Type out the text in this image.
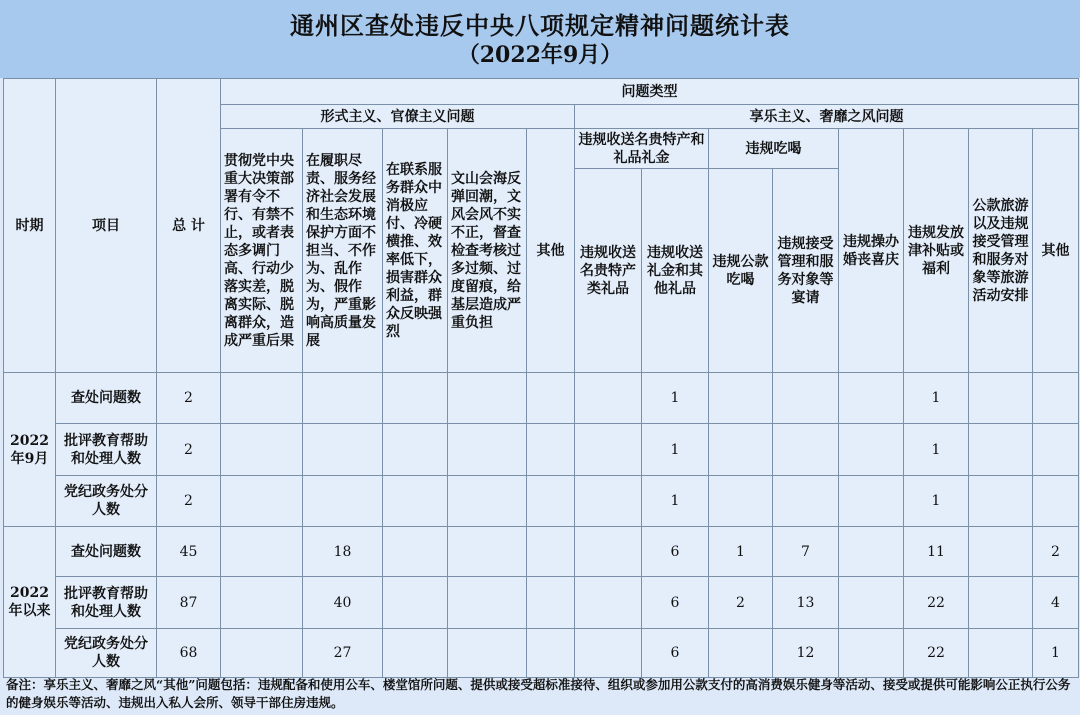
通州区查处违反中央八项规定精神问题统计表
（2022年9月）
时期	项目	总 计	问题类型												
			形式主义、官僚主义问题					享乐主义、奢靡之风问题							
			贯彻党中央重大决策部署有令不行、有禁不止，或者表态多调门高、行动少落实差，脱离实际、脱离群众，造成严重后果	在履职尽责、服务经济社会发展和生态环境保护方面不担当、不作为、乱作为、假作为，严重影响高质量发展	在联系服务群众中消极应付、冷硬横推、效率低下，损害群众利益，群众反映强烈	文山会海反弹回潮，文风会风不实不正，督查检查考核过多过频、过度留痕，给基层造成严重负担	其他	违规收送名贵特产和礼品礼金		违规吃喝		违规操办婚丧喜庆	违规发放津补贴或福利	公款旅游以及违规接受管理和服务对象等旅游活动安排	其他
								违规收送名贵特产类礼品	违规收送礼金和其他礼品	违规公款吃喝	违规接受管理和服务对象等宴请				
2022年9月	查处问题数	2							1				1		
	批评教育帮助和处理人数	2							1				1		
	党纪政务处分人数	2							1				1		
2022年以来	查处问题数	45		18					6	1	7		11		2
	批评教育帮助和处理人数	87		40					6	2	13		22		4
	党纪政务处分人数	68		27					6		12		22		1
备注：享乐主义、奢靡之风“其他”问题包括：违规配备和使用公车、楼堂馆所问题、提供或接受超标准接待、组织或参加用公款支付的高消费娱乐健身等活动、接受或提供可能影响公正执行公务的健身娱乐等活动、违规出入私人会所、领导干部住房违规。
